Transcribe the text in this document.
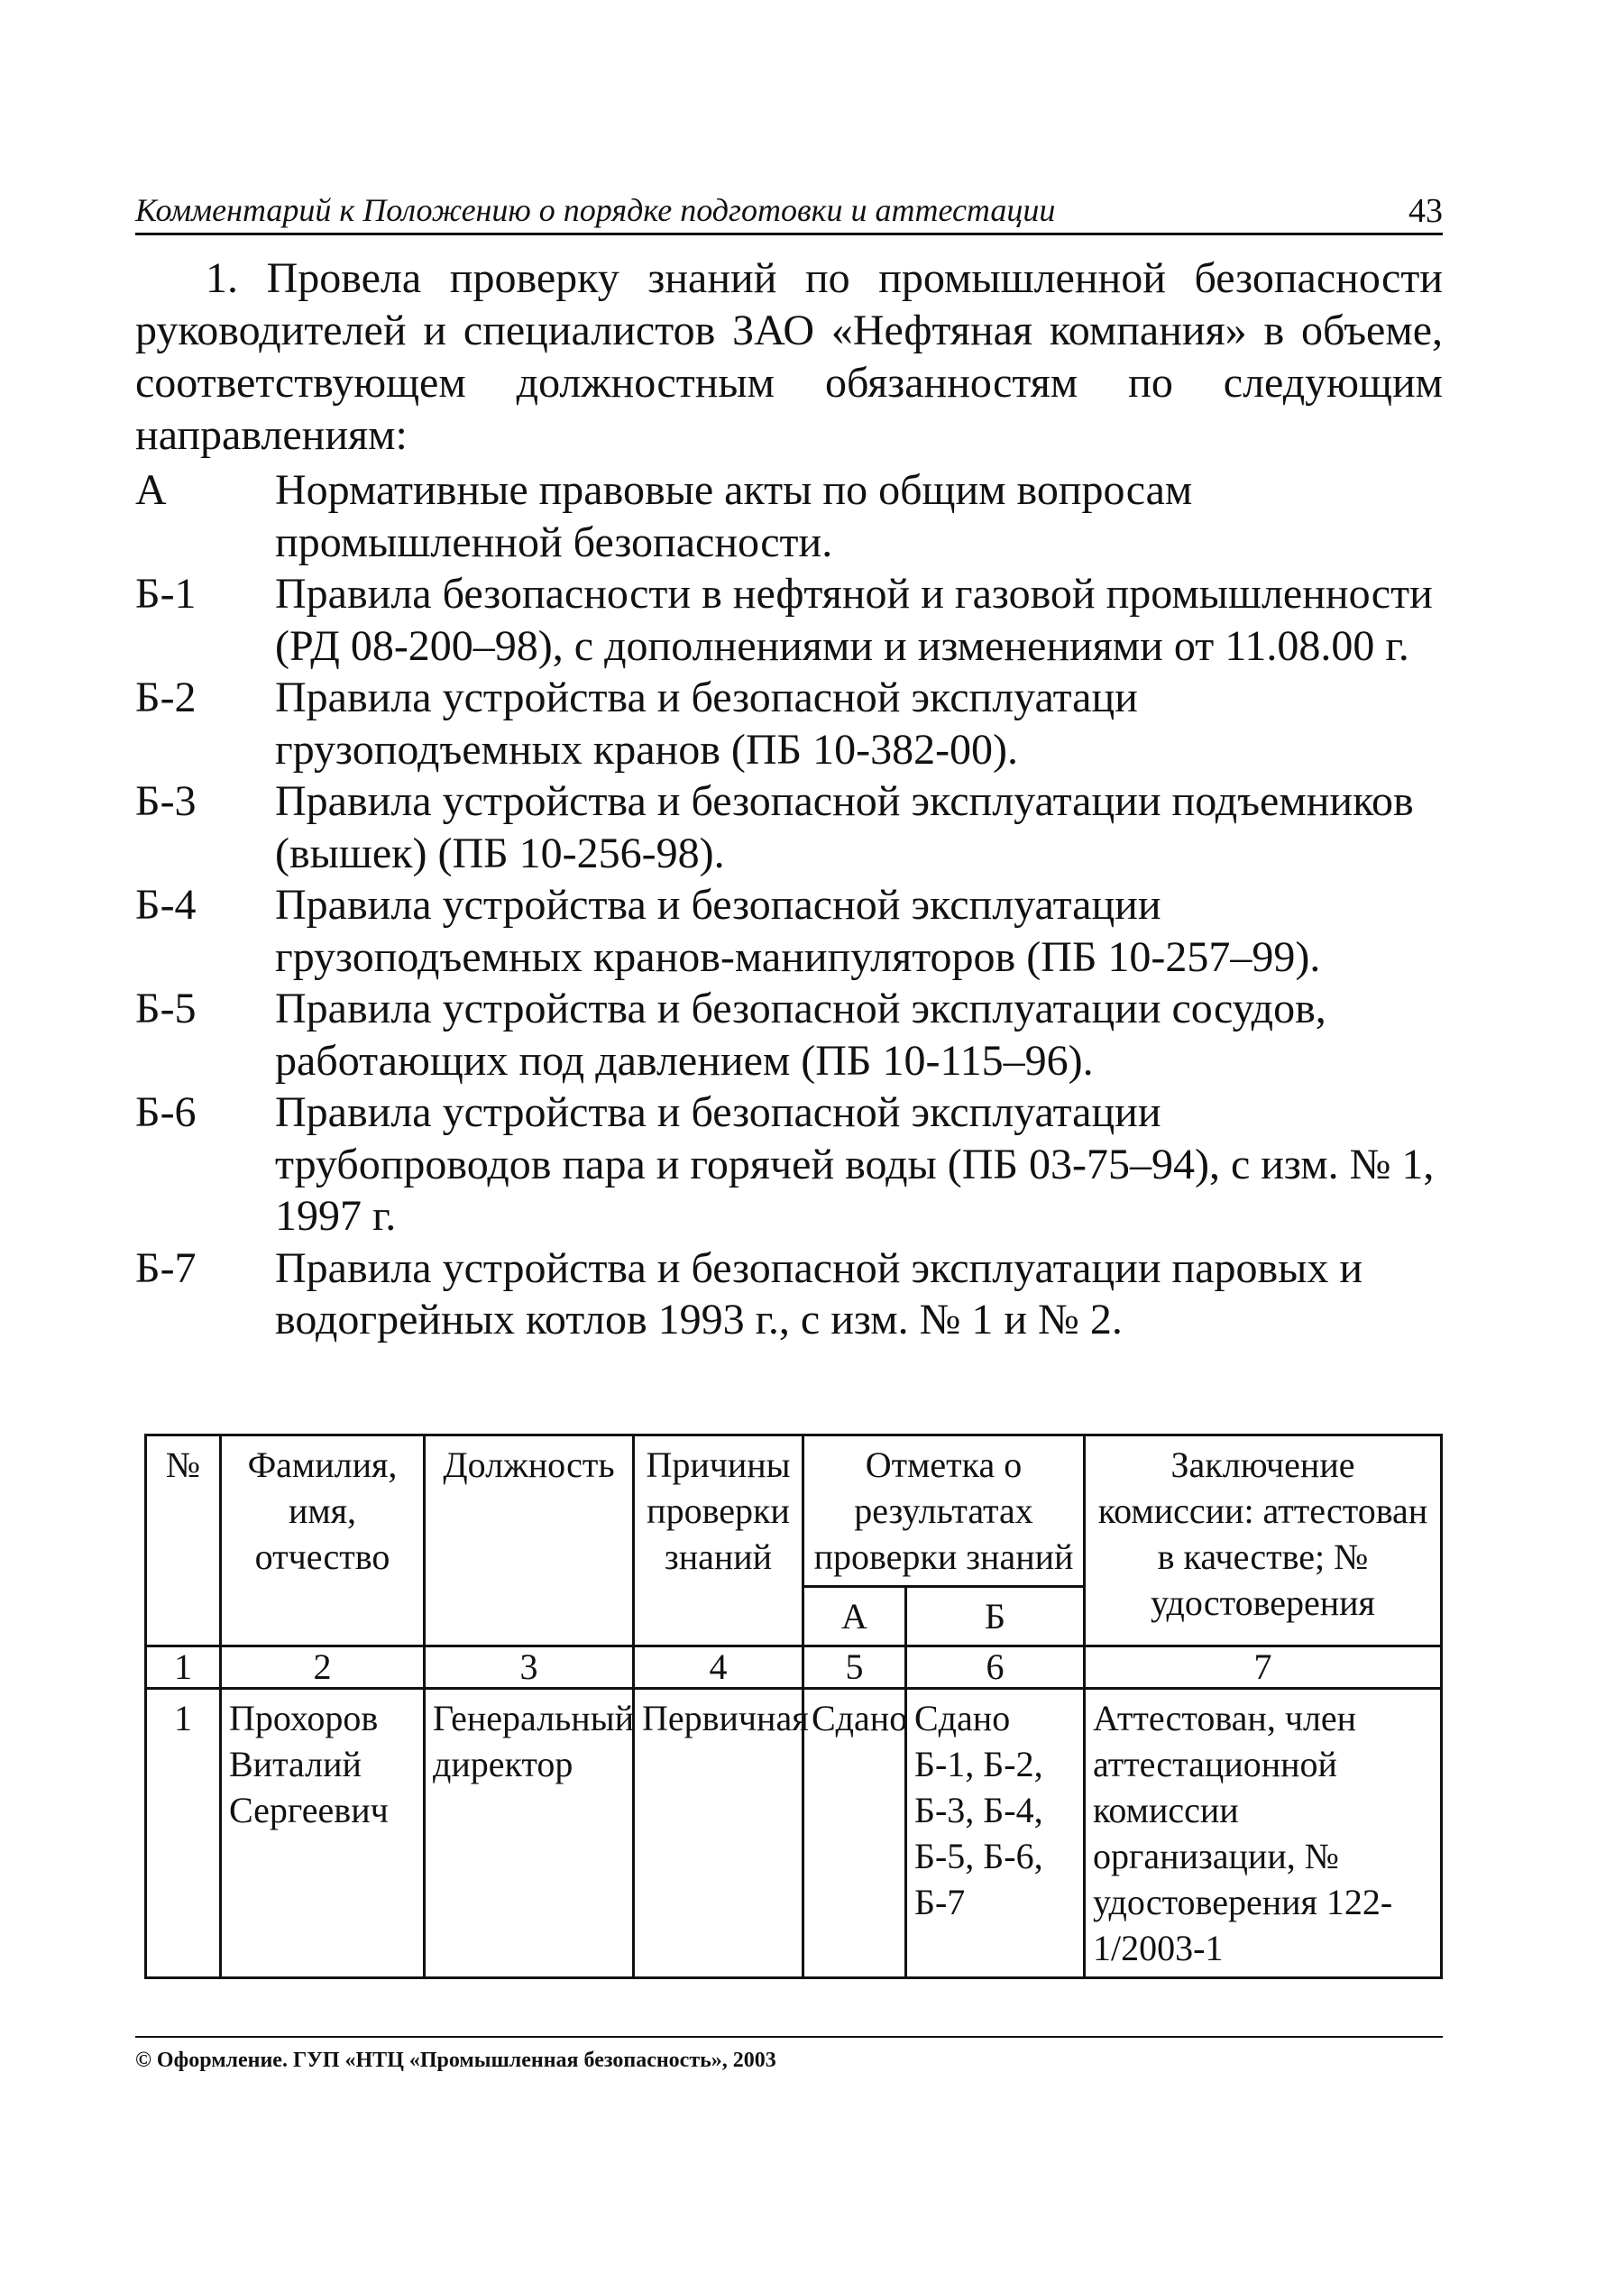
Комментарий к Положению о порядке подготовки и аттестации	43

1. Провела проверку знаний по промышленной безопасности руководителей и специалистов ЗАО «Нефтяная компания» в объеме, соответствующем должностным обязанностям по следующим направлениям:

А	Нормативные правовые акты по общим вопросам промышленной безопасности.
Б-1	Правила безопасности в нефтяной и газовой промышленности (РД 08-200–98), с дополнениями и изменениями от 11.08.00 г.
Б-2	Правила устройства и безопасной эксплуатаци грузоподъемных кранов (ПБ 10-382-00).
Б-3	Правила устройства и безопасной эксплуатации подъемников (вышек) (ПБ 10-256-98).
Б-4	Правила устройства и безопасной эксплуатации грузоподъемных кранов-манипуляторов (ПБ 10-257–99).
Б-5	Правила устройства и безопасной эксплуатации сосудов, работающих под давлением (ПБ 10-115–96).
Б-6	Правила устройства и безопасной эксплуатации трубопроводов пара и горячей воды (ПБ 03-75–94), с изм. № 1, 1997 г.
Б-7	Правила устройства и безопасной эксплуатации паровых и водогрейных котлов 1993 г., с изм. № 1 и № 2.
№	Фамилия, имя, отчество	Должность	Причины проверки знаний	Отметка о результатах проверки знаний		Заключение комиссии: аттестован в качестве; № удостоверения
				А	Б	
1	2	3	4	5	6	7
1	Прохоров Виталий Сергеевич	Генеральный директор	Первичная	Сдано	Сдано Б-1, Б-2, Б-3, Б-4, Б-5, Б-6, Б-7	Аттестован, член аттестационной комиссии организации, № удостоверения 122-1/2003-1
© Оформление. ГУП «НТЦ «Промышленная безопасность», 2003
